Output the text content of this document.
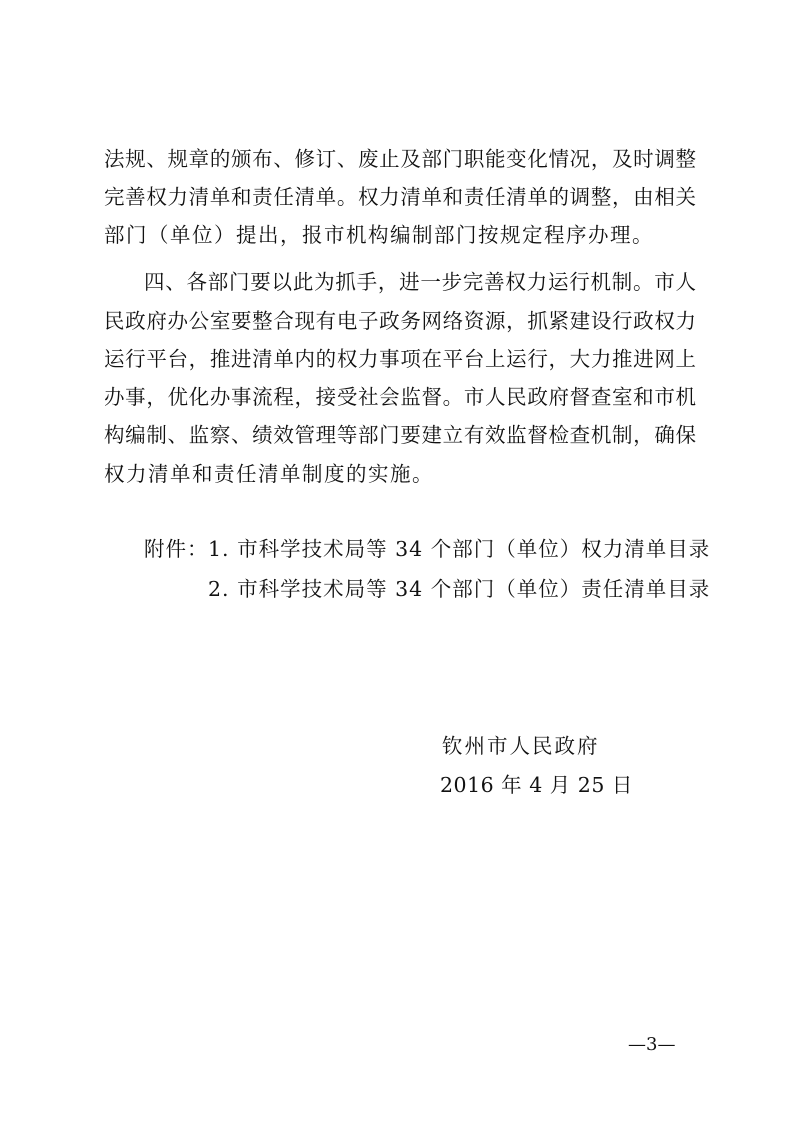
法规、规章的颁布、修订、废止及部门职能变化情况，及时调整
完善权力清单和责任清单。权力清单和责任清单的调整，由相关
部门（单位）提出，报市机构编制部门按规定程序办理。
四、各部门要以此为抓手，进一步完善权力运行机制。市人
民政府办公室要整合现有电子政务网络资源，抓紧建设行政权力
运行平台，推进清单内的权力事项在平台上运行，大力推进网上
办事，优化办事流程，接受社会监督。市人民政府督查室和市机
构编制、监察、绩效管理等部门要建立有效监督检查机制，确保
权力清单和责任清单制度的实施。
附件： 1. 市科学技术局等 34 个部门（单位）权力清单目录
2. 市科学技术局等 34 个部门（单位）责任清单目录
钦州市人民政府
2016 年 4 月 25 日
—3—
